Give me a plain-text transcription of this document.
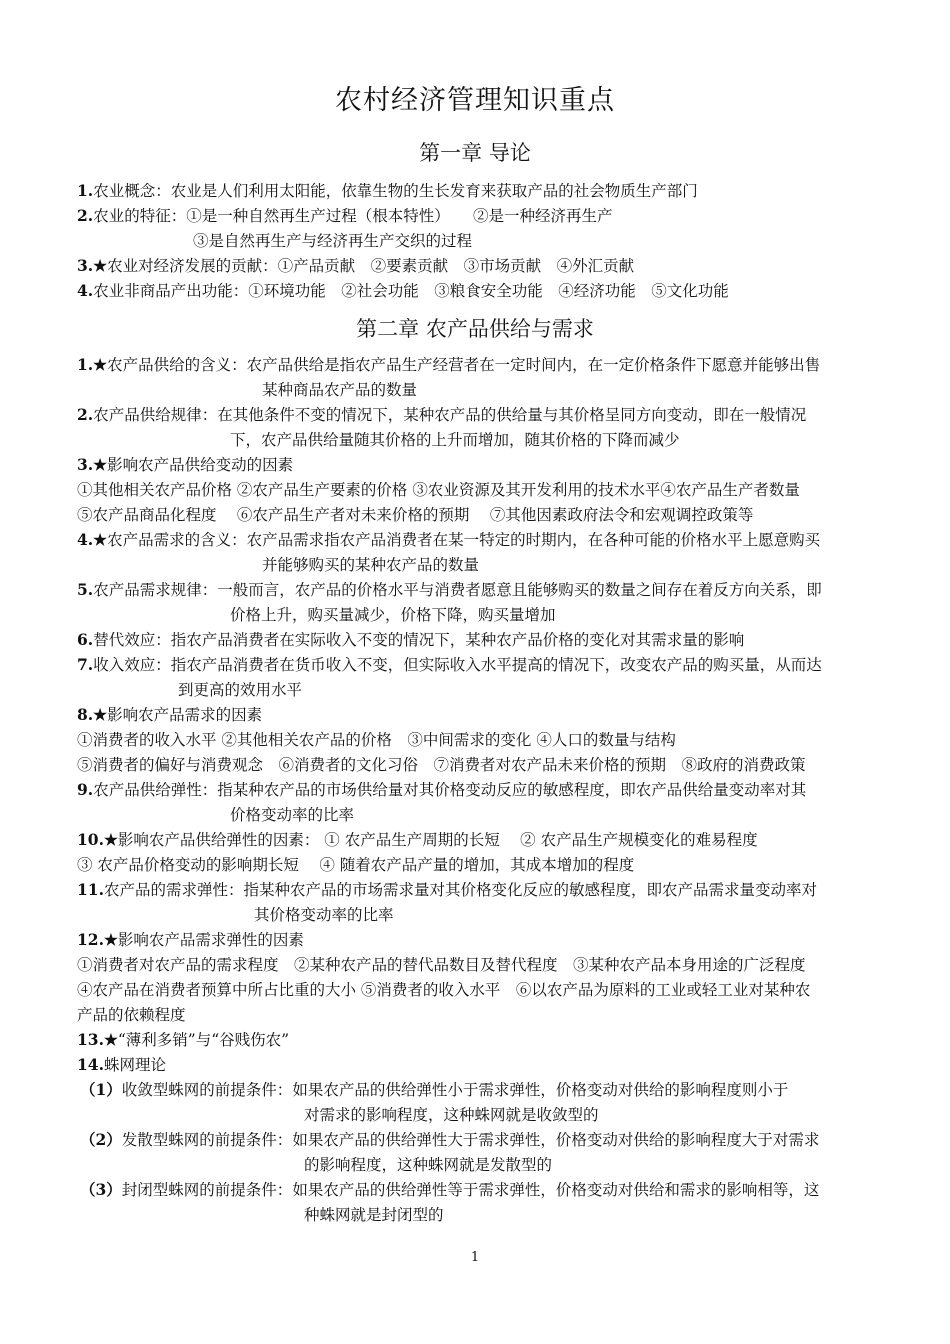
农村经济管理知识重点
第一章 导论
1.农业概念：农业是人们利用太阳能，依靠生物的生长发育来获取产品的社会物质生产部门
2.农业的特征：①是一种自然再生产过程（根本特性）　　②是一种经济再生产
③是自然再生产与经济再生产交织的过程
3.★农业对经济发展的贡献：①产品贡献　②要素贡献　③市场贡献　④外汇贡献
4.农业非商品产出功能：①环境功能　②社会功能　③粮食安全功能　④经济功能　⑤文化功能
第二章 农产品供给与需求
1.★农产品供给的含义：农产品供给是指农产品生产经营者在一定时间内，在一定价格条件下愿意并能够出售
某种商品农产品的数量
2.农产品供给规律：在其他条件不变的情况下，某种农产品的供给量与其价格呈同方向变动，即在一般情况
下，农产品供给量随其价格的上升而增加，随其价格的下降而减少
3.★影响农产品供给变动的因素
①其他相关农产品价格 ②农产品生产要素的价格 ③农业资源及其开发利用的技术水平④农产品生产者数量
⑤农产品商品化程度　 ⑥农产品生产者对未来价格的预期　 ⑦其他因素政府法令和宏观调控政策等
4.★农产品需求的含义：农产品需求指农产品消费者在某一特定的时期内，在各种可能的价格水平上愿意购买
并能够购买的某种农产品的数量
5.农产品需求规律：一般而言，农产品的价格水平与消费者愿意且能够购买的数量之间存在着反方向关系，即
价格上升，购买量减少，价格下降，购买量增加
6.替代效应：指农产品消费者在实际收入不变的情况下，某种农产品价格的变化对其需求量的影响
7.收入效应：指农产品消费者在货币收入不变，但实际收入水平提高的情况下，改变农产品的购买量，从而达
到更高的效用水平
8.★影响农产品需求的因素
①消费者的收入水平 ②其他相关农产品的价格　③中间需求的变化 ④人口的数量与结构
⑤消费者的偏好与消费观念　⑥消费者的文化习俗　⑦消费者对农产品未来价格的预期　⑧政府的消费政策
9.农产品供给弹性：指某种农产品的市场供给量对其价格变动反应的敏感程度，即农产品供给量变动率对其
价格变动率的比率
10.★影响农产品供给弹性的因素： ① 农产品生产周期的长短　 ② 农产品生产规模变化的难易程度
③ 农产品价格变动的影响期长短　 ④ 随着农产品产量的增加，其成本增加的程度
11.农产品的需求弹性：指某种农产品的市场需求量对其价格变化反应的敏感程度，即农产品需求量变动率对
其价格变动率的比率
12.★影响农产品需求弹性的因素
①消费者对农产品的需求程度　②某种农产品的替代品数目及替代程度　③某种农产品本身用途的广泛程度
④农产品在消费者预算中所占比重的大小 ⑤消费者的收入水平　⑥以农产品为原料的工业或轻工业对某种农
产品的依赖程度
13.★“薄利多销”与“谷贱伤农”
14.蛛网理论
（1）收敛型蛛网的前提条件：如果农产品的供给弹性小于需求弹性，价格变动对供给的影响程度则小于
对需求的影响程度，这种蛛网就是收敛型的
（2）发散型蛛网的前提条件：如果农产品的供给弹性大于需求弹性，价格变动对供给的影响程度大于对需求
的影响程度，这种蛛网就是发散型的
（3）封闭型蛛网的前提条件：如果农产品的供给弹性等于需求弹性，价格变动对供给和需求的影响相等，这
种蛛网就是封闭型的
1
